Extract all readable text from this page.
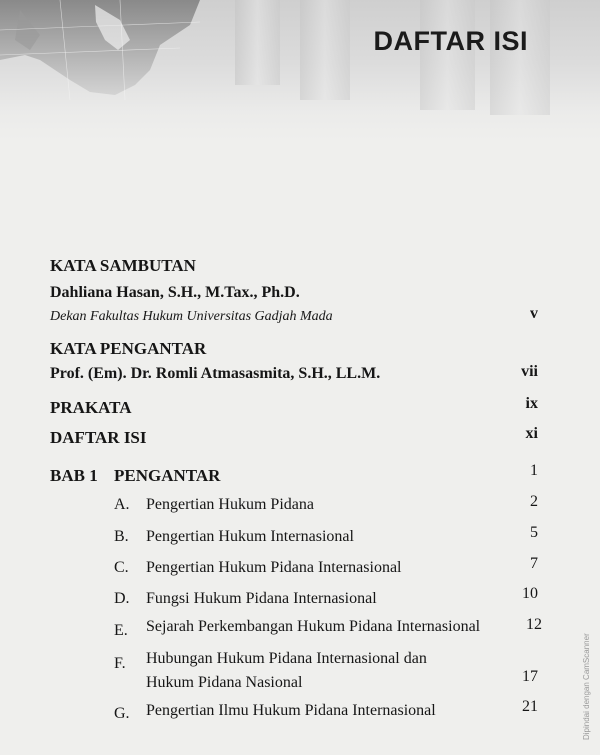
DAFTAR ISI
KATA SAMBUTAN
Dahliana Hasan, S.H., M.Tax., Ph.D.
Dekan Fakultas Hukum Universitas Gadjah Mada	v
KATA PENGANTAR
Prof. (Em). Dr. Romli Atmasasmita, S.H., LL.M.	vii
PRAKATA	ix
DAFTAR ISI	xi
BAB 1 PENGANTAR	1
A. Pengertian Hukum Pidana	2
B. Pengertian Hukum Internasional	5
C. Pengertian Hukum Pidana Internasional	7
D. Fungsi Hukum Pidana Internasional	10
E. Sejarah Perkembangan Hukum Pidana Internasional	12
F. Hubungan Hukum Pidana Internasional dan
Hukum Pidana Nasional	17
G. Pengertian Ilmu Hukum Pidana Internasional	21	Dipindai dengan CamScanner
